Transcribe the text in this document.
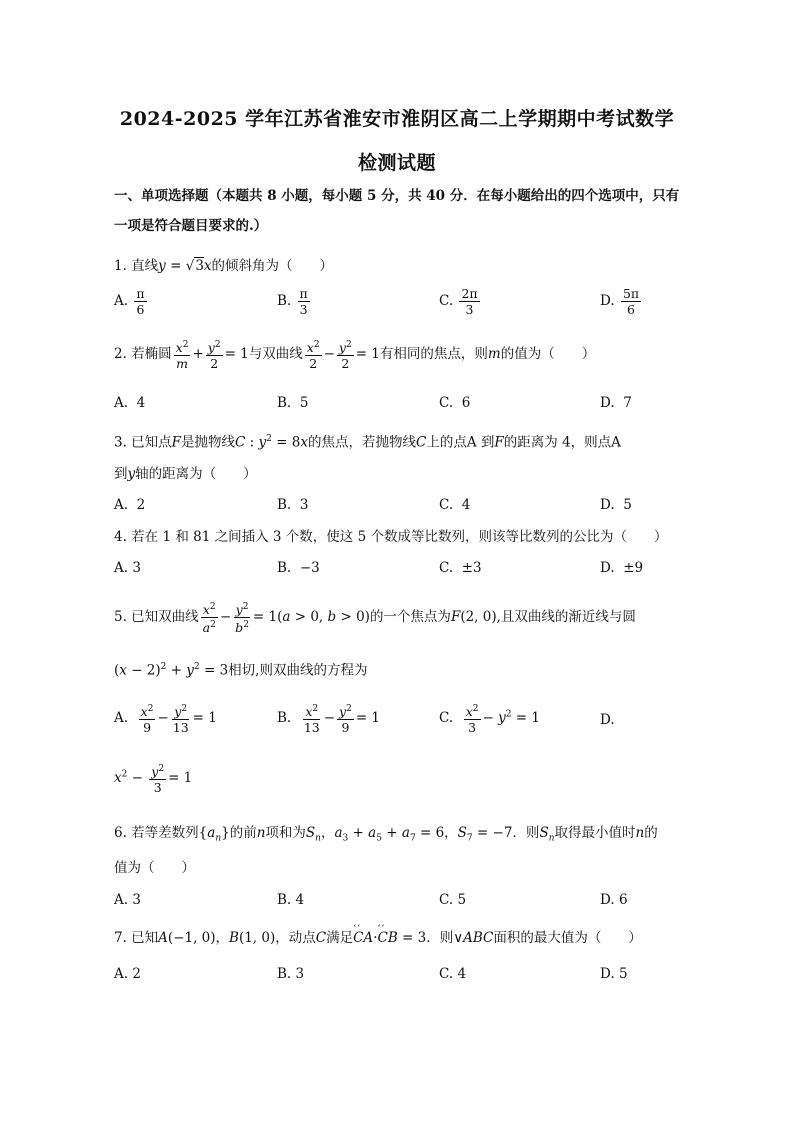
2024-2025 学年江苏省淮安市淮阴区高二上学期期中考试数学
检测试题
一、单项选择题（本题共 8 小题，每小题 5 分，共 40 分．在每小题给出的四个选项中，只有一项是符合题目要求的.）
1. 直线y = √3x的倾斜角为（　　）
A. $\frac{\pi}{6}$	B. $\frac{\pi}{3}$	C. $\frac{2\pi}{3}$	D. $\frac{5\pi}{6}$
2. 若椭圆 $\frac{x^2}{m} + \frac{y^2}{2} = 1$与双曲线 $\frac{x^2}{2} - \frac{y^2}{2} = 1$有相同的焦点，则m的值为（　　）
A. 4	B. 5	C. 6	D. 7
3. 已知点F是抛物线C : $y^2 = 8x$的焦点，若抛物线C上的点A 到F的距离为 4，则点A
到y轴的距离为（　　）
A. 2	B. 3	C. 4	D. 5
4. 若在 1 和 81 之间插入 3 个数，使这 5 个数成等比数列，则该等比数列的公比为（　　）
A. 3	B. −3	C. ±3	D. ±9
5. 已知双曲线 $\frac{x^2}{a^2} - \frac{y^2}{b^2} = 1(a > 0$, b > 0)的一个焦点为F(2, 0),且双曲线的渐近线与圆
$(x - 2)^2 + y^2 = 3$相切,则双曲线的方程为
A. $\frac{x^2}{9} - \frac{y^2}{13} = 1$	B. $\frac{x^2}{13} - \frac{y^2}{9} = 1$	C. $\frac{x^2}{3} - y^2 = 1$	D.
$x^2 - \frac{y^2}{3} = 1$
6. 若等差数列$\{a_n\}$的前n项和为$S_n$，$a_3 + a_5 + a_7 = 6$，$S_7 = -7$．则$S_n$取得最小值时n的
值为（　　）
A. 3	B. 4	C. 5	D. 6
7. 已知A(−1, 0)，B(1, 0)，动点C满足‘‘ CA·‘‘ CB = 3．则∨ABC面积的最大值为（　　）
A. 2	B. 3	C. 4	D. 5
